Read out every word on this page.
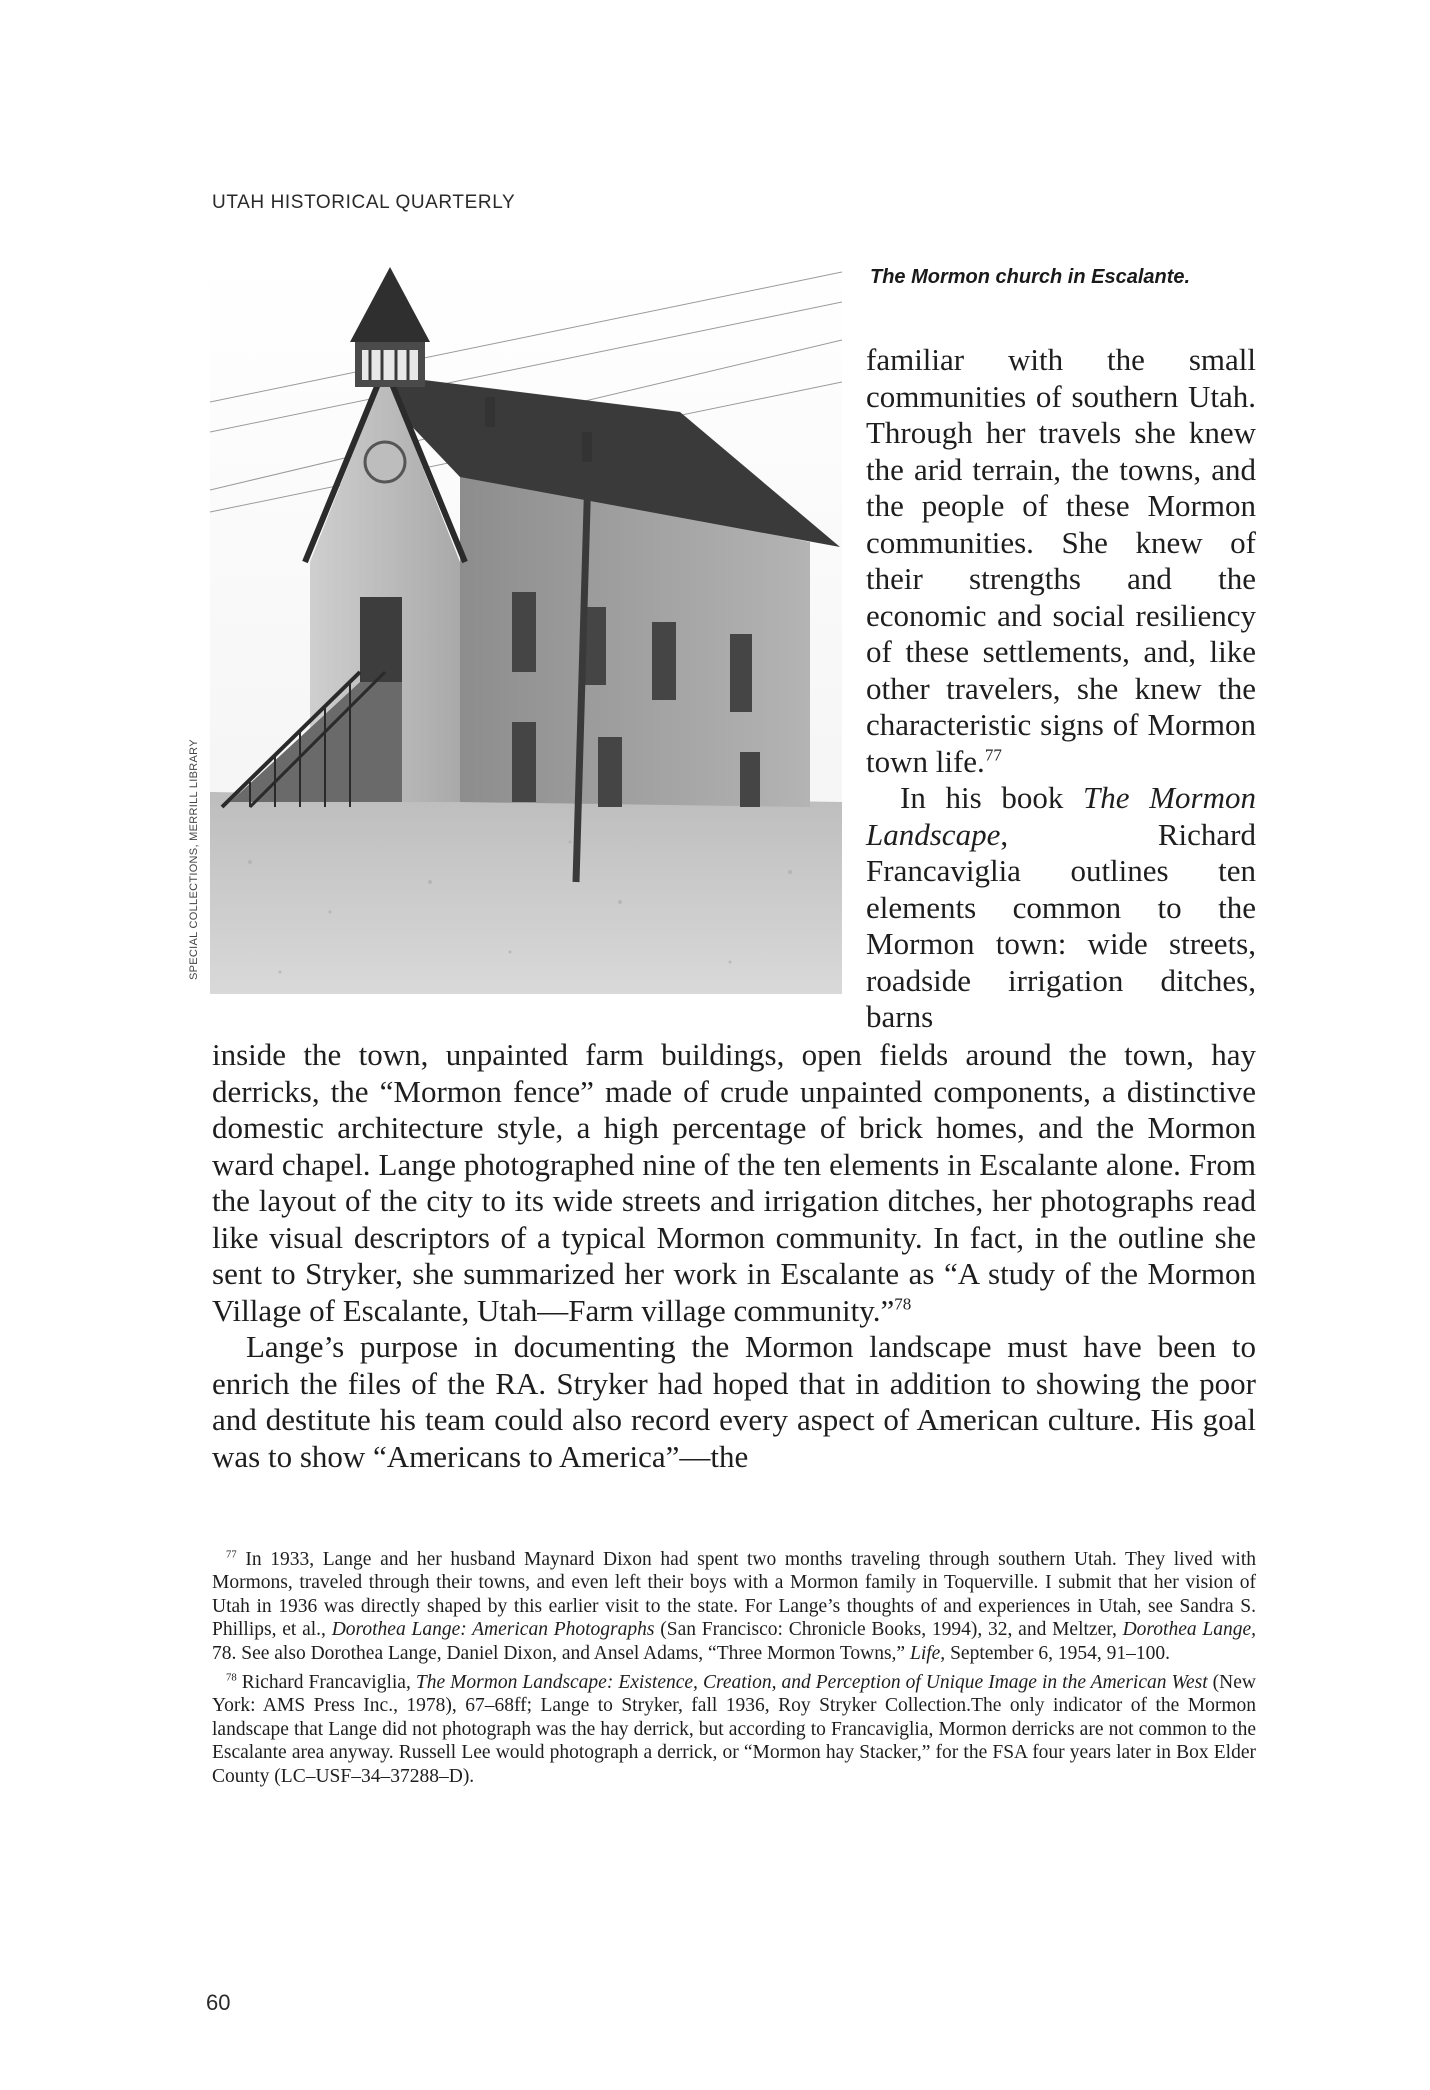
UTAH HISTORICAL QUARTERLY
The Mormon church in Escalante.
SPECIAL COLLECTIONS, MERRILL LIBRARY

familiar with the small communities of southern Utah. Through her travels she knew the arid terrain, the towns, and the people of these Mormon communities. She knew of their strengths and the economic and social resiliency of these settlements, and, like other travelers, she knew the characteristic signs of Mormon town life.$^{77}$

In his book The Mormon Landscape, Richard Francaviglia outlines ten elements common to the Mormon town: wide streets, roadside irrigation ditches, barns

inside the town, unpainted farm buildings, open fields around the town, hay derricks, the “Mormon fence” made of crude unpainted components, a distinctive domestic architecture style, a high percentage of brick homes, and the Mormon ward chapel. Lange photographed nine of the ten elements in Escalante alone. From the layout of the city to its wide streets and irrigation ditches, her photographs read like visual descriptors of a typical Mormon community. In fact, in the outline she sent to Stryker, she summarized her work in Escalante as “A study of the Mormon Village of Escalante, Utah—Farm village community.”$^{78}$

Lange’s purpose in documenting the Mormon landscape must have been to enrich the files of the RA. Stryker had hoped that in addition to showing the poor and destitute his team could also record every aspect of American culture. His goal was to show “Americans to America”—the

$^{77}$ In 1933, Lange and her husband Maynard Dixon had spent two months traveling through southern Utah. They lived with Mormons, traveled through their towns, and even left their boys with a Mormon family in Toquerville. I submit that her vision of Utah in 1936 was directly shaped by this earlier visit to the state. For Lange’s thoughts of and experiences in Utah, see Sandra S. Phillips, et al., Dorothea Lange: American Photographs (San Francisco: Chronicle Books, 1994), 32, and Meltzer, Dorothea Lange, 78. See also Dorothea Lange, Daniel Dixon, and Ansel Adams, “Three Mormon Towns,” Life, September 6, 1954, 91–100.

$^{78}$ Richard Francaviglia, The Mormon Landscape: Existence, Creation, and Perception of Unique Image in the American West (New York: AMS Press Inc., 1978), 67–68ff; Lange to Stryker, fall 1936, Roy Stryker Collection.The only indicator of the Mormon landscape that Lange did not photograph was the hay derrick, but according to Francaviglia, Mormon derricks are not common to the Escalante area anyway. Russell Lee would photograph a derrick, or “Mormon hay Stacker,” for the FSA four years later in Box Elder County (LC–USF–34–37288–D).

60
